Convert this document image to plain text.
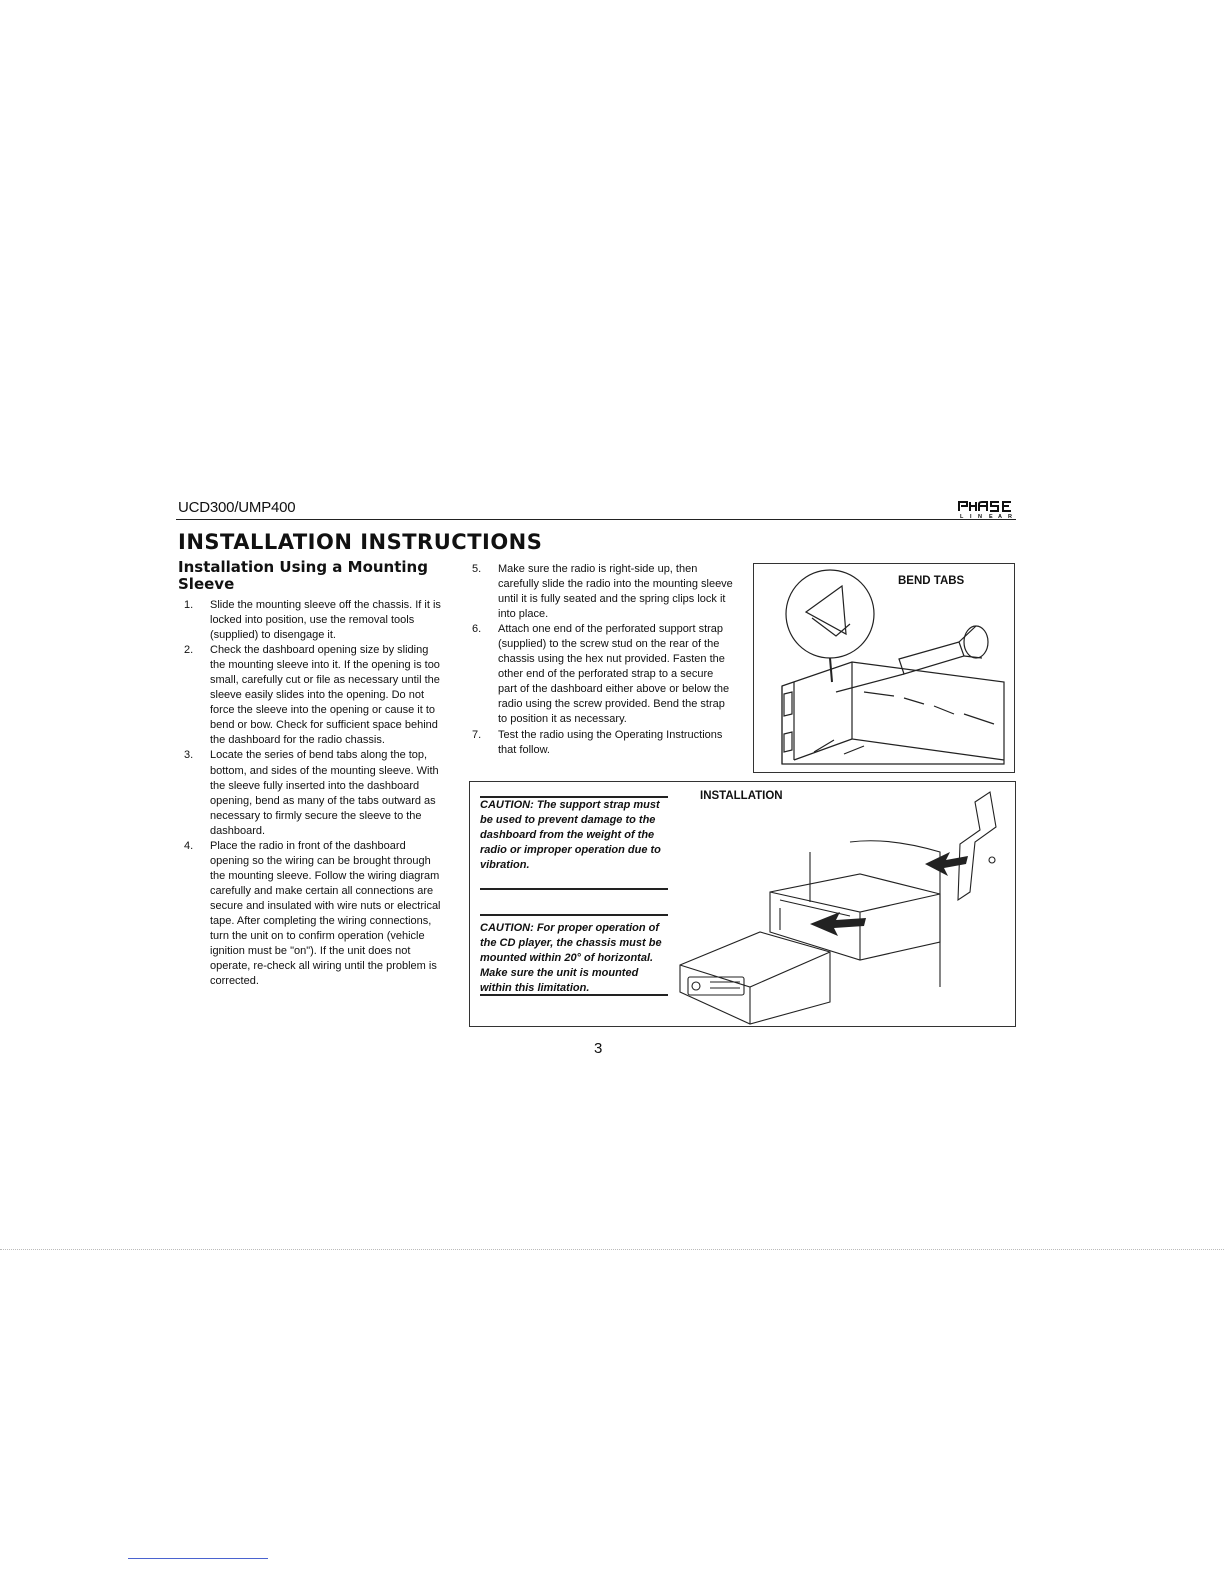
UCD300/UMP400
L I N E A R
INSTALLATION INSTRUCTIONS
Installation Using a Mounting Sleeve
1. Slide the mounting sleeve off the chassis. If it is locked into position, use the removal tools (supplied) to disengage it.
2. Check the dashboard opening size by sliding the mounting sleeve into it. If the opening is too small, carefully cut or file as necessary until the sleeve easily slides into the opening. Do not force the sleeve into the opening or cause it to bend or bow. Check for sufficient space behind the dashboard for the radio chassis.
3. Locate the series of bend tabs along the top, bottom, and sides of the mounting sleeve. With the sleeve fully inserted into the dashboard opening, bend as many of the tabs outward as necessary to firmly secure the sleeve to the dashboard.
4. Place the radio in front of the dashboard opening so the wiring can be brought through the mounting sleeve. Follow the wiring diagram carefully and make certain all connections are secure and insulated with wire nuts or electrical tape. After completing the wiring connections, turn the unit on to confirm operation (vehicle ignition must be "on"). If the unit does not operate, re-check all wiring until the problem is corrected.
5. Make sure the radio is right-side up, then carefully slide the radio into the mounting sleeve until it is fully seated and the spring clips lock it into place.
6. Attach one end of the perforated support strap (supplied) to the screw stud on the rear of the chassis using the hex nut provided. Fasten the other end of the perforated strap to a secure part of the dashboard either above or below the radio using the screw provided. Bend the strap to position it as necessary.
7. Test the radio using the Operating Instructions that follow.
BEND TABS
INSTALLATION
CAUTION: The support strap must be used to prevent damage to the dashboard from the weight of the radio or improper operation due to vibration.
CAUTION: For proper operation of the CD player, the chassis must be mounted within 20° of horizontal. Make sure the unit is mounted within this limitation.
3
